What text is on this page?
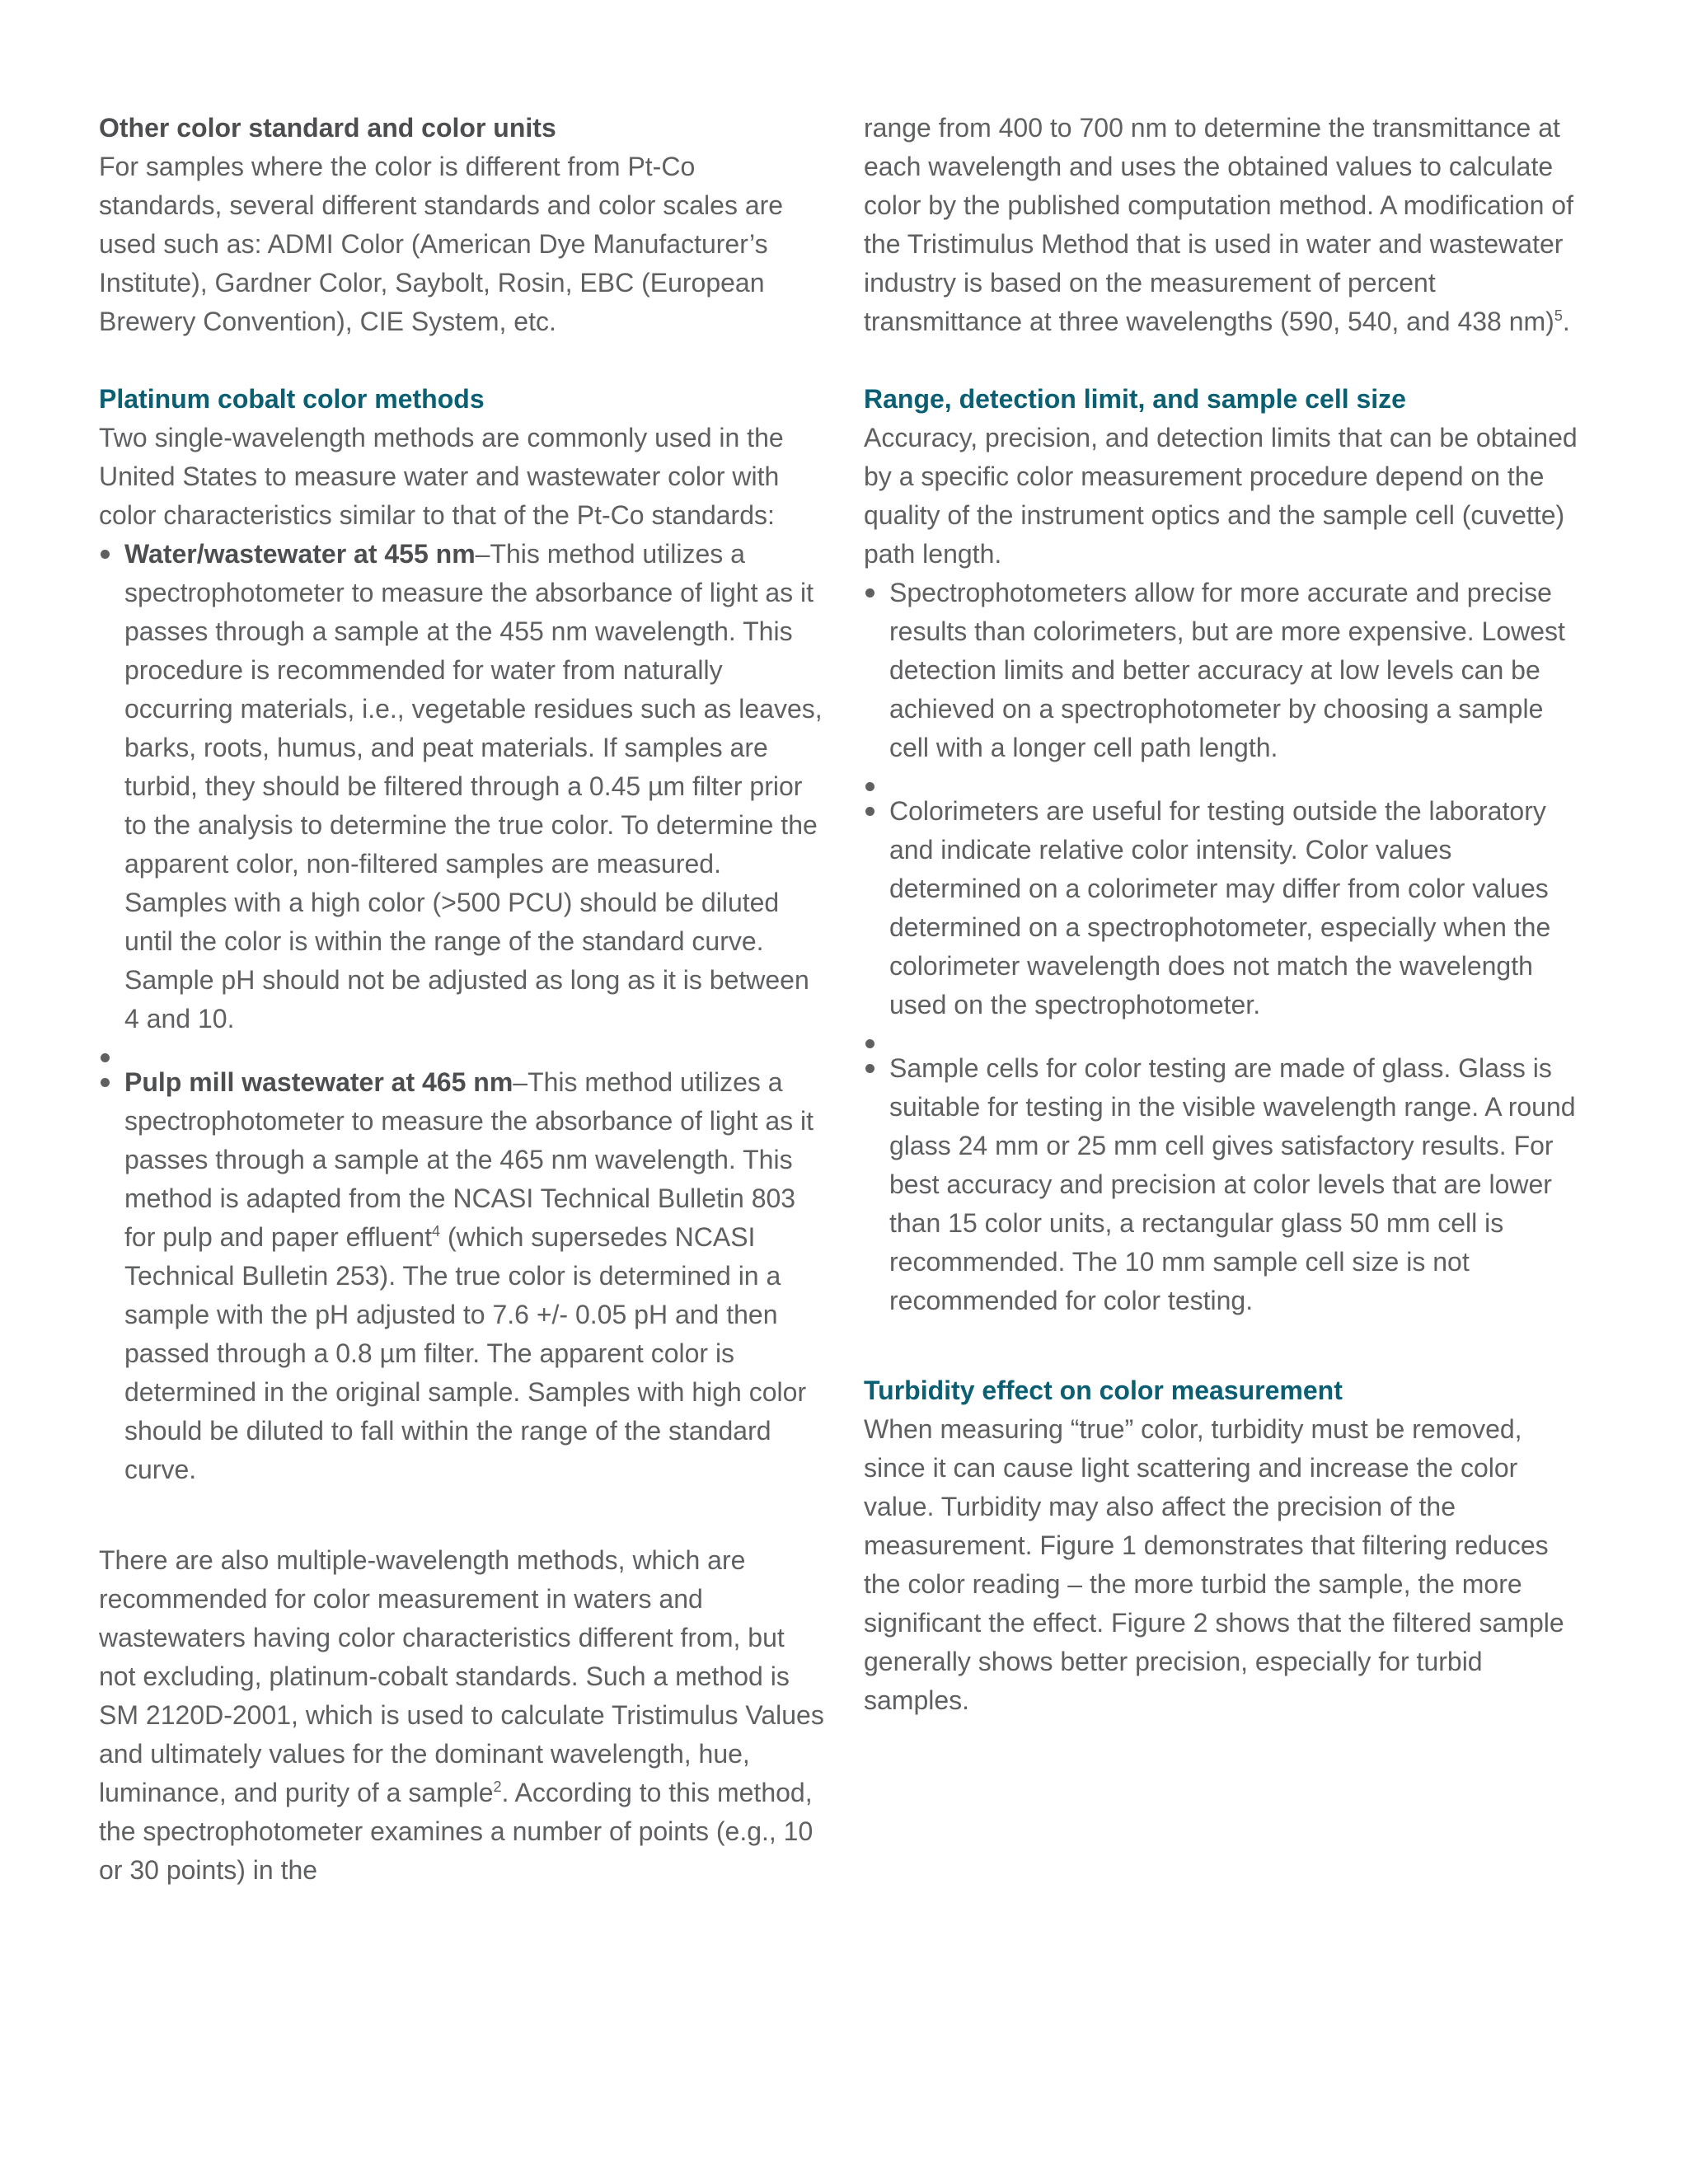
Other color standard and color units

For samples where the color is different from Pt-Co standards, several different standards and color scales are used such as: ADMI Color (American Dye Manufacturer’s Institute), Gardner Color, Saybolt, Rosin, EBC (European Brewery Convention), CIE System, etc.

Platinum cobalt color methods

Two single-wavelength methods are commonly used in the United States to measure water and wastewater color with color characteristics similar to that of the Pt-Co standards:

Water/wastewater at 455 nm–This method utilizes a spectrophotometer to measure the absorbance of light as it passes through a sample at the 455 nm wavelength. This procedure is recommended for water from naturally occurring materials, i.e., vegetable residues such as leaves, barks, roots, humus, and peat materials. If samples are turbid, they should be filtered through a 0.45 µm filter prior to the analysis to determine the true color. To determine the apparent color, non-filtered samples are measured. Samples with a high color (>500 PCU) should be diluted until the color is within the range of the standard curve. Sample pH should not be adjusted as long as it is between 4 and 10.
Pulp mill wastewater at 465 nm–This method utilizes a spectrophotometer to measure the absorbance of light as it passes through a sample at the 465 nm wavelength. This method is adapted from the NCASI Technical Bulletin 803 for pulp and paper effluent$^4$ (which supersedes NCASI Technical Bulletin 253). The true color is determined in a sample with the pH adjusted to 7.6 +/- 0.05 pH and then passed through a 0.8 µm filter. The apparent color is determined in the original sample. Samples with high color should be diluted to fall within the range of the standard curve.

There are also multiple-wavelength methods, which are recommended for color measurement in waters and wastewaters having color characteristics different from, but not excluding, platinum-cobalt standards. Such a method is SM 2120D-2001, which is used to calculate Tristimulus Values and ultimately values for the dominant wavelength, hue, luminance, and purity of a sample$^2$. According to this method, the spectrophotometer examines a number of points (e.g., 10 or 30 points) in the

range from 400 to 700 nm to determine the transmittance at each wavelength and uses the obtained values to calculate color by the published computation method. A modification of the Tristimulus Method that is used in water and wastewater industry is based on the measurement of percent transmittance at three wavelengths (590, 540, and 438 nm)$^5$.

Range, detection limit, and sample cell size

Accuracy, precision, and detection limits that can be obtained by a specific color measurement procedure depend on the quality of the instrument optics and the sample cell (cuvette) path length.

Spectrophotometers allow for more accurate and precise results than colorimeters, but are more expensive. Lowest detection limits and better accuracy at low levels can be achieved on a spectrophotometer by choosing a sample cell with a longer cell path length.
Colorimeters are useful for testing outside the laboratory and indicate relative color intensity. Color values determined on a colorimeter may differ from color values determined on a spectrophotometer, especially when the colorimeter wavelength does not match the wavelength used on the spectrophotometer.
Sample cells for color testing are made of glass. Glass is suitable for testing in the visible wavelength range. A round glass 24 mm or 25 mm cell gives satisfactory results. For best accuracy and precision at color levels that are lower than 15 color units, a rectangular glass 50 mm cell is recommended. The 10 mm sample cell size is not recommended for color testing.
Turbidity effect on color measurement

When measuring “true” color, turbidity must be removed, since it can cause light scattering and increase the color value. Turbidity may also affect the precision of the measurement. Figure 1 demonstrates that filtering reduces the color reading – the more turbid the sample, the more significant the effect. Figure 2 shows that the filtered sample generally shows better precision, especially for turbid samples.
